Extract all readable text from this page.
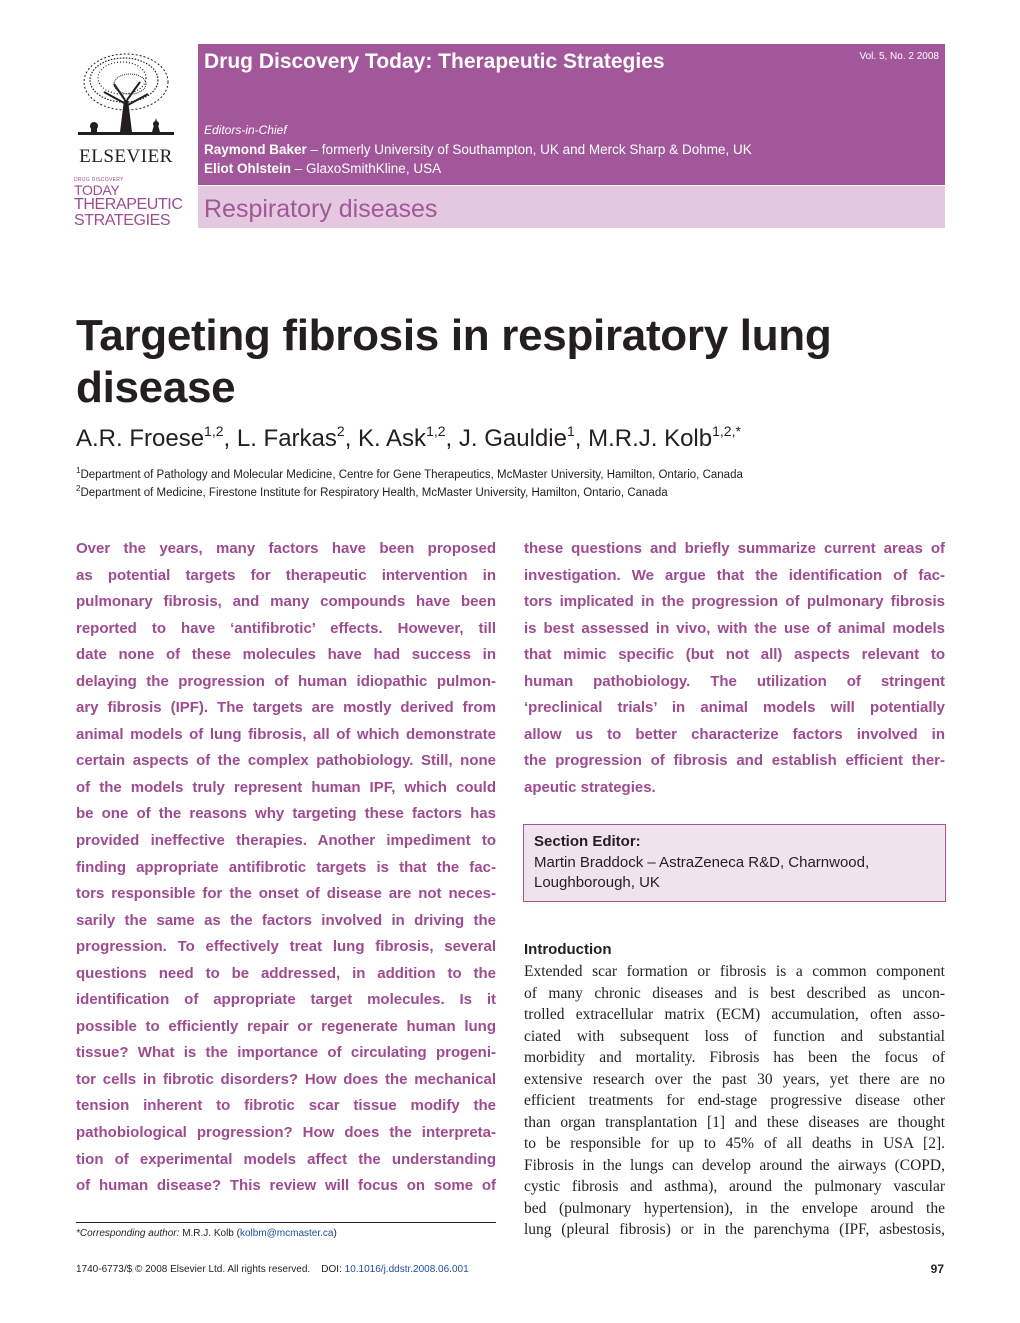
ELSEVIER
DRUG DISCOVERY
TODAY
THERAPEUTIC
STRATEGIES
Drug Discovery Today: Therapeutic Strategies	Vol. 5, No. 2 2008
Editors-in-Chief
Raymond Baker – formerly University of Southampton, UK and Merck Sharp & Dohme, UK
Eliot Ohlstein – GlaxoSmithKline, USA
Respiratory diseases
Targeting fibrosis in respiratory lung
disease
A.R. Froese$^{1,2}$, L. Farkas$^2$, K. Ask$^{1,2}$, J. Gauldie$^1$, M.R.J. Kolb$^{1,2,*}$
$^1$Department of Pathology and Molecular Medicine, Centre for Gene Therapeutics, McMaster University, Hamilton, Ontario, Canada
$^2$Department of Medicine, Firestone Institute for Respiratory Health, McMaster University, Hamilton, Ontario, Canada
Over the years, many factors have been proposed
as potential targets for therapeutic intervention in
pulmonary fibrosis, and many compounds have been
reported to have ‘antifibrotic’ effects. However, till
date none of these molecules have had success in
delaying the progression of human idiopathic pulmon-
ary fibrosis (IPF). The targets are mostly derived from
animal models of lung fibrosis, all of which demonstrate
certain aspects of the complex pathobiology. Still, none
of the models truly represent human IPF, which could
be one of the reasons why targeting these factors has
provided ineffective therapies. Another impediment to
finding appropriate antifibrotic targets is that the fac-
tors responsible for the onset of disease are not neces-
sarily the same as the factors involved in driving the
progression. To effectively treat lung fibrosis, several
questions need to be addressed, in addition to the
identification of appropriate target molecules. Is it
possible to efficiently repair or regenerate human lung
tissue? What is the importance of circulating progeni-
tor cells in fibrotic disorders? How does the mechanical
tension inherent to fibrotic scar tissue modify the
pathobiological progression? How does the interpreta-
tion of experimental models affect the understanding
of human disease? This review will focus on some of
these questions and briefly summarize current areas of
investigation. We argue that the identification of fac-
tors implicated in the progression of pulmonary fibrosis
is best assessed in vivo, with the use of animal models
that mimic specific (but not all) aspects relevant to
human pathobiology. The utilization of stringent
‘preclinical trials’ in animal models will potentially
allow us to better characterize factors involved in
the progression of fibrosis and establish efficient ther-
apeutic strategies.
Section Editor:
Martin Braddock – AstraZeneca R&D, Charnwood,
Loughborough, UK
Introduction
Extended scar formation or fibrosis is a common component
of many chronic diseases and is best described as uncon-
trolled extracellular matrix (ECM) accumulation, often asso-
ciated with subsequent loss of function and substantial
morbidity and mortality. Fibrosis has been the focus of
extensive research over the past 30 years, yet there are no
efficient treatments for end-stage progressive disease other
than organ transplantation [1] and these diseases are thought
to be responsible for up to 45% of all deaths in USA [2].
Fibrosis in the lungs can develop around the airways (COPD,
cystic fibrosis and asthma), around the pulmonary vascular
bed (pulmonary hypertension), in the envelope around the
lung (pleural fibrosis) or in the parenchyma (IPF, asbestosis,
*Corresponding author: M.R.J. Kolb (kolbm@mcmaster.ca)
1740-6773/$ © 2008 Elsevier Ltd. All rights reserved. DOI: 10.1016/j.ddstr.2008.06.001	97
